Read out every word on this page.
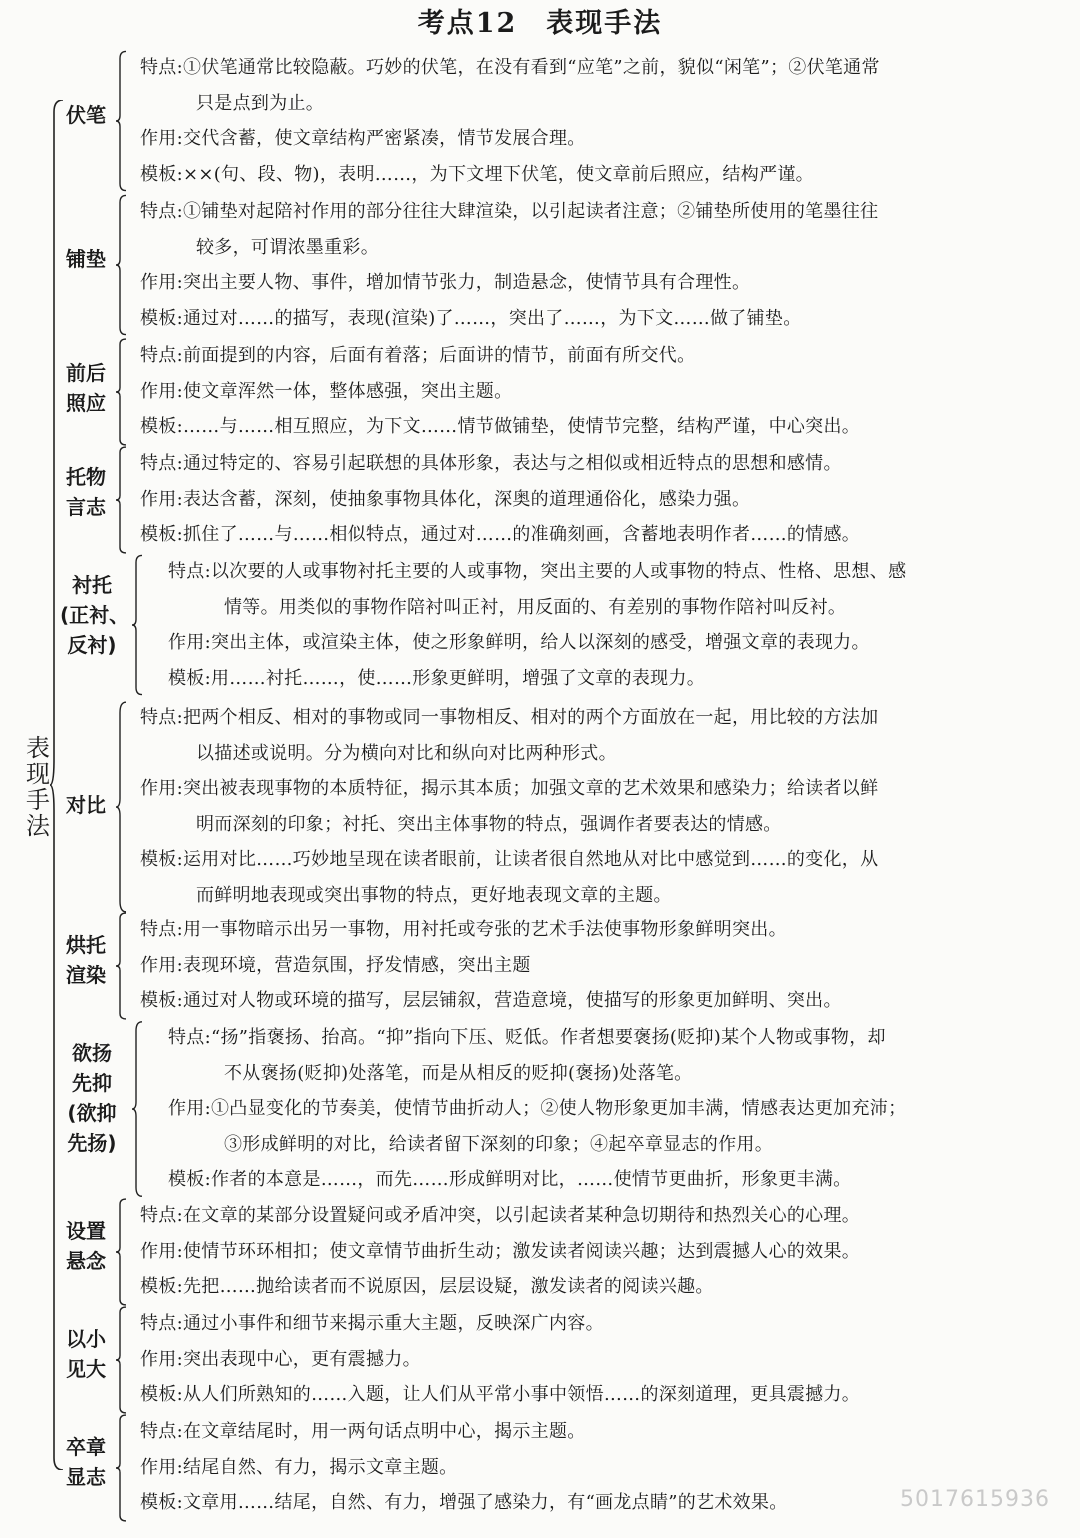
考点12　表现手法
表
现
手
法
伏笔
特点:①伏笔通常比较隐蔽。巧妙的伏笔，在没有看到“应笔”之前，貌似“闲笔”；②伏笔通常
只是点到为止。
作用:交代含蓄，使文章结构严密紧凑，情节发展合理。
模板:××(句、段、物)，表明……，为下文埋下伏笔，使文章前后照应，结构严谨。
铺垫
特点:①铺垫对起陪衬作用的部分往往大肆渲染，以引起读者注意；②铺垫所使用的笔墨往往
较多，可谓浓墨重彩。
作用:突出主要人物、事件，增加情节张力，制造悬念，使情节具有合理性。
模板:通过对……的描写，表现(渲染)了……，突出了……，为下文……做了铺垫。
前后
照应
特点:前面提到的内容，后面有着落；后面讲的情节，前面有所交代。
作用:使文章浑然一体，整体感强，突出主题。
模板:……与……相互照应，为下文……情节做铺垫，使情节完整，结构严谨，中心突出。
托物
言志
特点:通过特定的、容易引起联想的具体形象，表达与之相似或相近特点的思想和感情。
作用:表达含蓄，深刻，使抽象事物具体化，深奥的道理通俗化，感染力强。
模板:抓住了……与……相似特点，通过对……的准确刻画，含蓄地表明作者……的情感。
衬托
(正衬、
反衬)
特点:以次要的人或事物衬托主要的人或事物，突出主要的人或事物的特点、性格、思想、感
情等。用类似的事物作陪衬叫正衬，用反面的、有差别的事物作陪衬叫反衬。
作用:突出主体，或渲染主体，使之形象鲜明，给人以深刻的感受，增强文章的表现力。
模板:用……衬托……，使……形象更鲜明，增强了文章的表现力。
对比
特点:把两个相反、相对的事物或同一事物相反、相对的两个方面放在一起，用比较的方法加
以描述或说明。分为横向对比和纵向对比两种形式。
作用:突出被表现事物的本质特征，揭示其本质；加强文章的艺术效果和感染力；给读者以鲜
明而深刻的印象；衬托、突出主体事物的特点，强调作者要表达的情感。
模板:运用对比……巧妙地呈现在读者眼前，让读者很自然地从对比中感觉到……的变化，从
而鲜明地表现或突出事物的特点，更好地表现文章的主题。
烘托
渲染
特点:用一事物暗示出另一事物，用衬托或夸张的艺术手法使事物形象鲜明突出。
作用:表现环境，营造氛围，抒发情感，突出主题
模板:通过对人物或环境的描写，层层铺叙，营造意境，使描写的形象更加鲜明、突出。
欲扬
先抑
(欲抑
先扬)
特点:“扬”指褒扬、抬高。“抑”指向下压、贬低。作者想要褒扬(贬抑)某个人物或事物，却
不从褒扬(贬抑)处落笔，而是从相反的贬抑(褒扬)处落笔。
作用:①凸显变化的节奏美，使情节曲折动人；②使人物形象更加丰满，情感表达更加充沛；
③形成鲜明的对比，给读者留下深刻的印象；④起卒章显志的作用。
模板:作者的本意是……，而先……形成鲜明对比，……使情节更曲折，形象更丰满。
设置
悬念
特点:在文章的某部分设置疑问或矛盾冲突，以引起读者某种急切期待和热烈关心的心理。
作用:使情节环环相扣；使文章情节曲折生动；激发读者阅读兴趣；达到震撼人心的效果。
模板:先把……抛给读者而不说原因，层层设疑，激发读者的阅读兴趣。
以小
见大
特点:通过小事件和细节来揭示重大主题，反映深广内容。
作用:突出表现中心，更有震撼力。
模板:从人们所熟知的……入题，让人们从平常小事中领悟……的深刻道理，更具震撼力。
卒章
显志
特点:在文章结尾时，用一两句话点明中心，揭示主题。
作用:结尾自然、有力，揭示文章主题。
模板:文章用……结尾，自然、有力，增强了感染力，有“画龙点睛”的艺术效果。	5017615936
